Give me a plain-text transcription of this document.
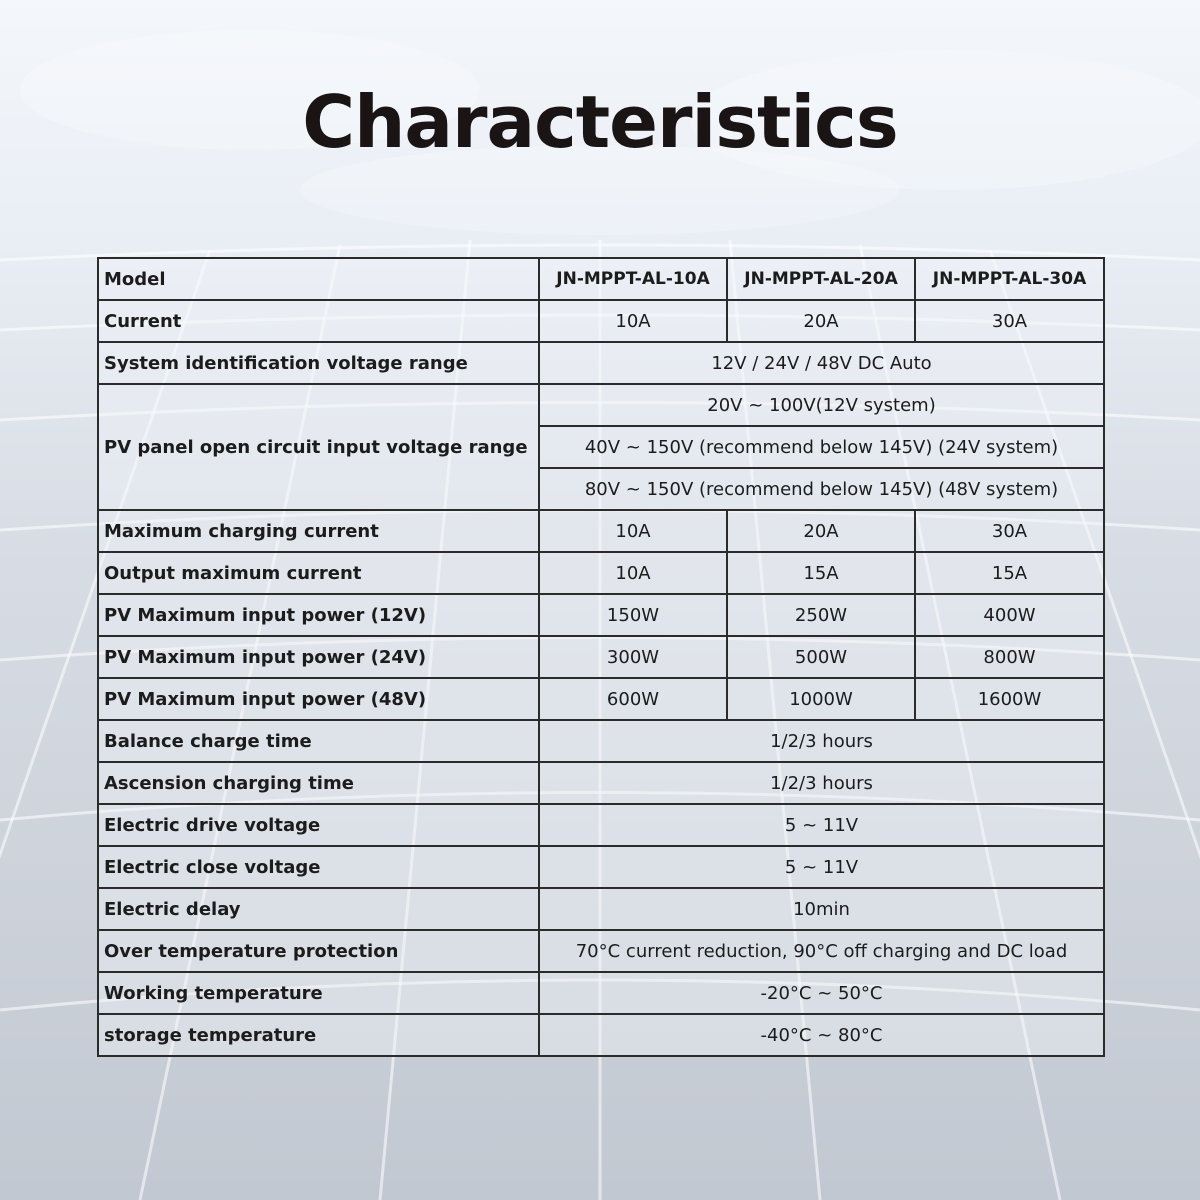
Characteristics
Model	JN-MPPT-AL-10A	JN-MPPT-AL-20A	JN-MPPT-AL-30A
Current	10A	20A	30A
System identification voltage range	12V / 24V / 48V DC Auto		
PV panel open circuit input voltage range	20V ~ 100V(12V system)		
	40V ~ 150V (recommend below 145V) (24V system)		
	80V ~ 150V (recommend below 145V) (48V system)		
Maximum charging current	10A	20A	30A
Output maximum current	10A	15A	15A
PV Maximum input power (12V)	150W	250W	400W
PV Maximum input power (24V)	300W	500W	800W
PV Maximum input power (48V)	600W	1000W	1600W
Balance charge time	1/2/3 hours		
Ascension charging time	1/2/3 hours		
Electric drive voltage	5 ~ 11V		
Electric close voltage	5 ~ 11V		
Electric delay	10min		
Over temperature protection	70°C current reduction, 90°C off charging and DC load		
Working temperature	-20°C ~ 50°C		
storage temperature	-40°C ~ 80°C		
